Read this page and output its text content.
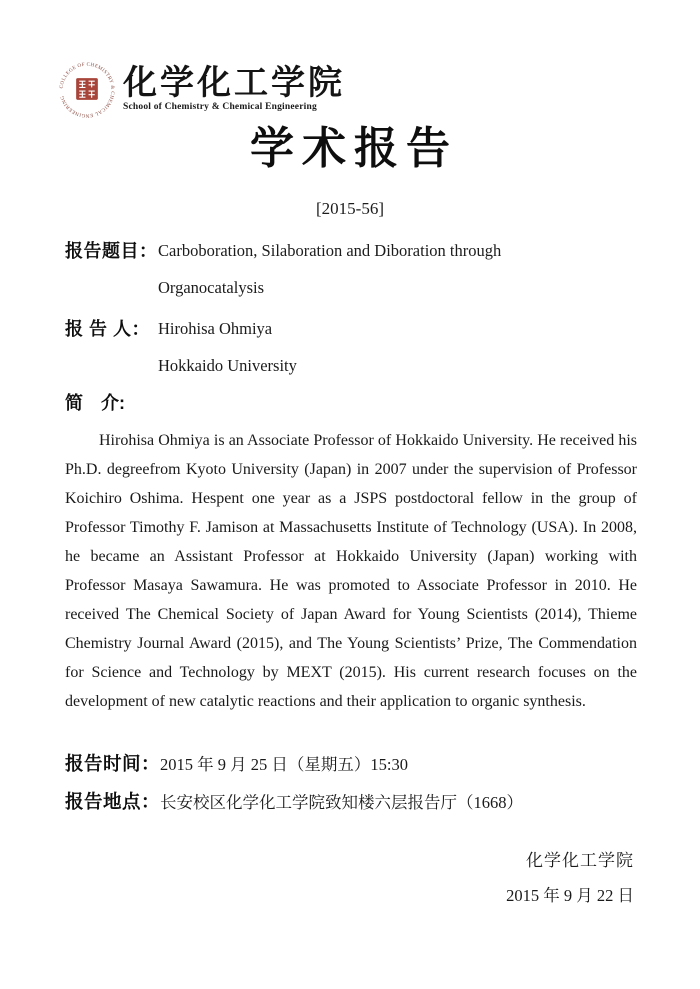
COLLEGE OF CHEMISTRY & CHEMICAL ENGINEERING	化学化工学院
School of Chemistry & Chemical Engineering
学术报告
[2015-56]
报告题目： Carboboration, Silaboration and Diboration through
Organocatalysis
报 告 人： Hirohisa Ohmiya
Hokkaido University
简　介:
Hirohisa Ohmiya is an Associate Professor of Hokkaido University. He received his Ph.D. degreefrom Kyoto University (Japan) in 2007 under the supervision of Professor Koichiro Oshima. Hespent one year as a JSPS postdoctoral fellow in the group of Professor Timothy F. Jamison at Massachusetts Institute of Technology (USA). In 2008, he became an Assistant Professor at Hokkaido University (Japan) working with Professor Masaya Sawamura. He was promoted to Associate Professor in 2010. He received The Chemical Society of Japan Award for Young Scientists (2014), Thieme Chemistry Journal Award (2015), and The Young Scientists’ Prize, The Commendation for Science and Technology by MEXT (2015). His current research focuses on the development of new catalytic reactions and their application to organic synthesis.
报告时间：2015 年 9 月 25 日（星期五）15:30
报告地点：长安校区化学化工学院致知楼六层报告厅（1668）
化学化工学院
2015 年 9 月 22 日
